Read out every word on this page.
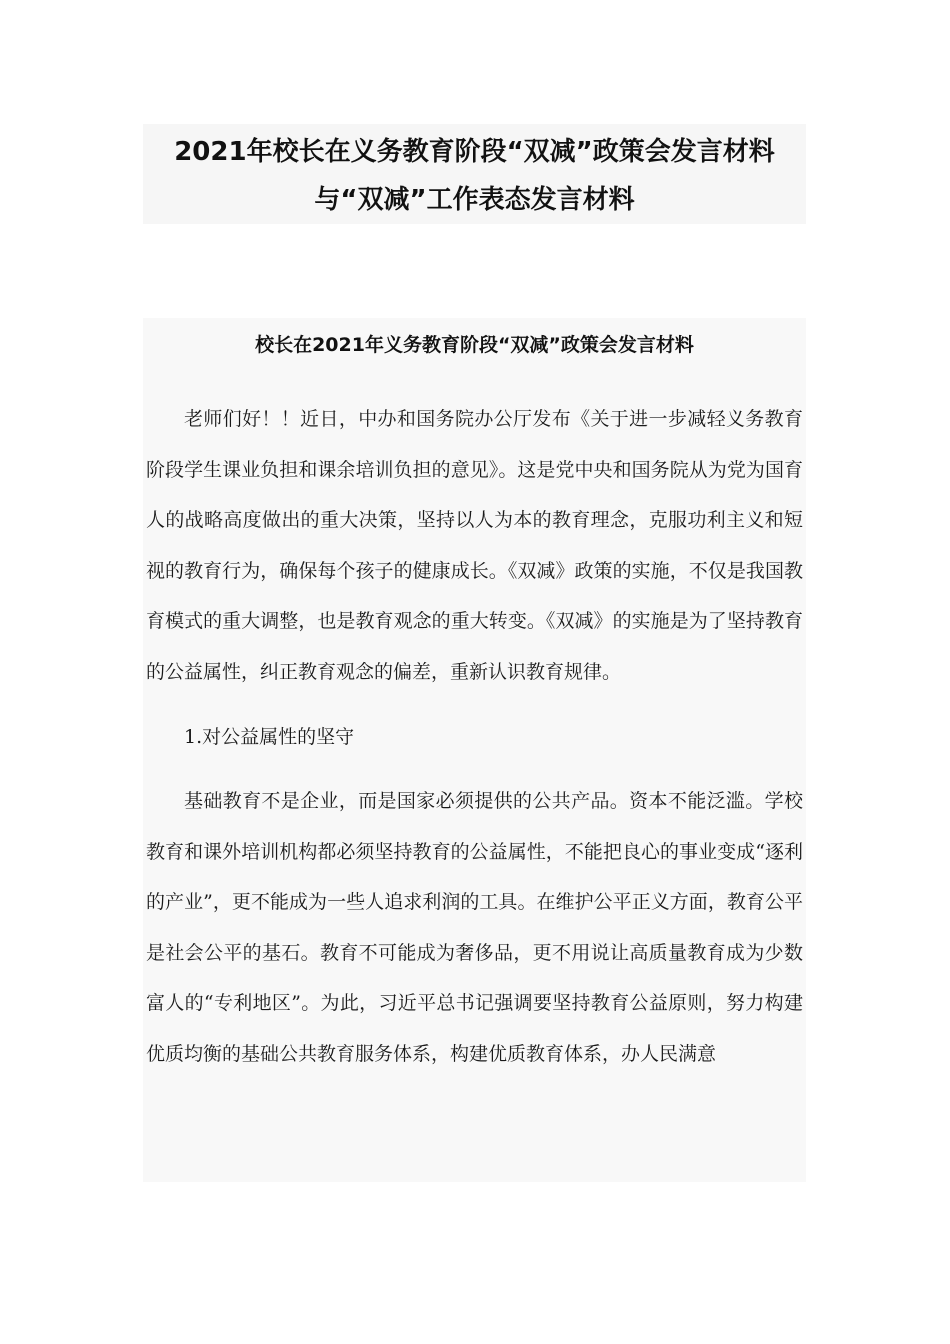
2021年校长在义务教育阶段“双减”政策会发言材料与“双减”工作表态发言材料
校长在2021年义务教育阶段“双减”政策会发言材料

老师们好！！近日，中办和国务院办公厅发布《关于进一步减轻义务教育阶段学生课业负担和课余培训负担的意见》。这是党中央和国务院从为党为国育人的战略高度做出的重大决策，坚持以人为本的教育理念，克服功利主义和短视的教育行为，确保每个孩子的健康成长。《双减》政策的实施，不仅是我国教育模式的重大调整，也是教育观念的重大转变。《双减》的实施是为了坚持教育的公益属性，纠正教育观念的偏差，重新认识教育规律。

1.对公益属性的坚守

基础教育不是企业，而是国家必须提供的公共产品。资本不能泛滥。学校教育和课外培训机构都必须坚持教育的公益属性，不能把良心的事业变成“逐利的产业”，更不能成为一些人追求利润的工具。在维护公平正义方面，教育公平是社会公平的基石。教育不可能成为奢侈品，更不用说让高质量教育成为少数富人的“专利地区”。为此，习近平总书记强调要坚持教育公益原则，努力构建优质均衡的基础公共教育服务体系，构建优质教育体系，办人民满意
